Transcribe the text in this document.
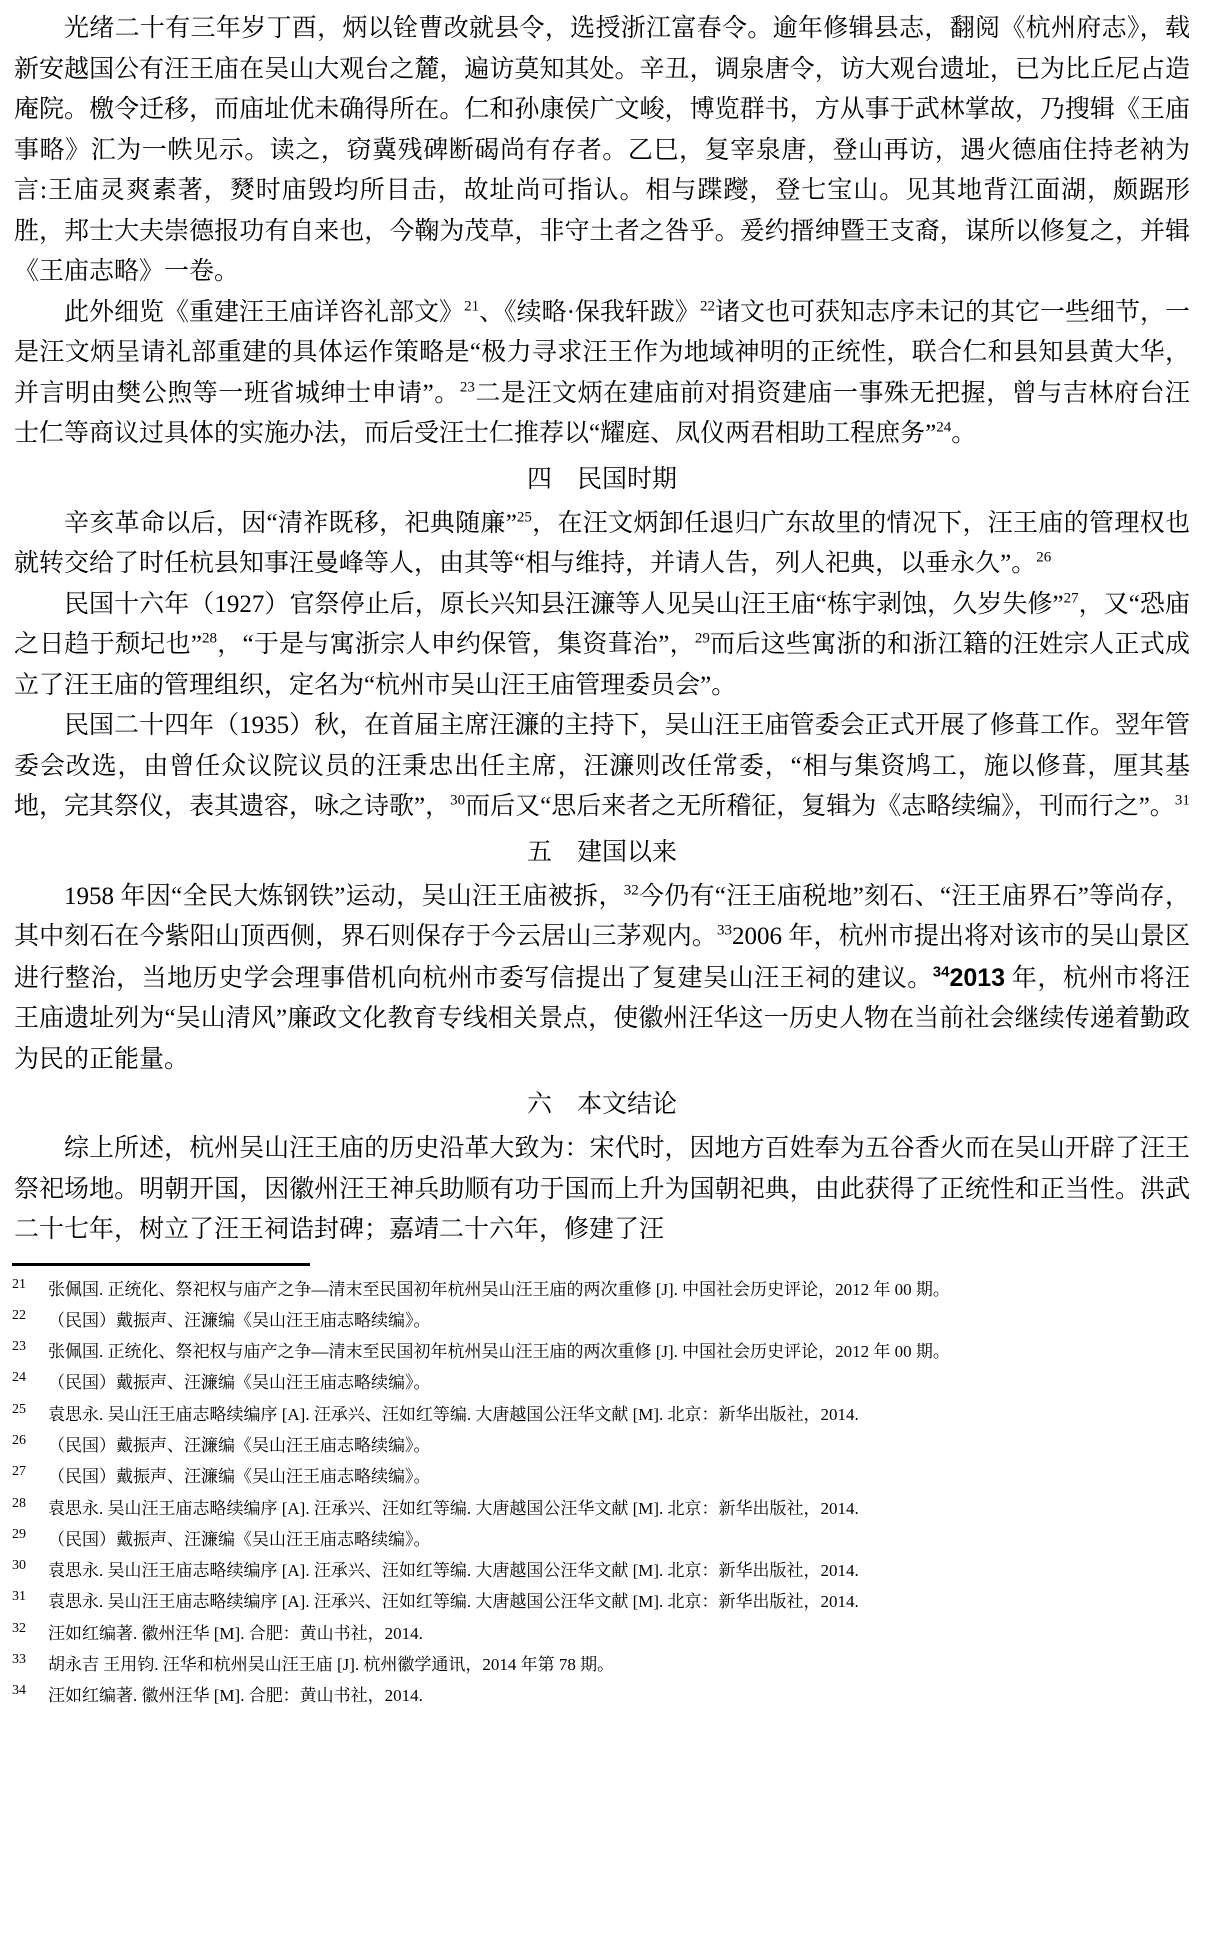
光绪二十有三年岁丁酉，炳以铨曹改就县令，选授浙江富春令。逾年修辑县志，翻阅《杭州府志》，载新安越国公有汪王庙在吴山大观台之麓，遍访莫知其处。辛丑，调泉唐令，访大观台遗址，已为比丘尼占造庵院。檄令迁移，而庙址优未确得所在。仁和孙康侯广文峻，博览群书，方从事于武林掌故，乃搜辑《王庙事略》汇为一帙见示。读之，窃冀残碑断碣尚有存者。乙巳，复宰泉唐，登山再访，遇火德庙住持老衲为言:王庙灵爽素著，燹时庙毁均所目击，故址尚可指认。相与蹀躞，登七宝山。见其地背江面湖，颇踞形胜，邦士大夫崇德报功有自来也，今鞠为茂草，非守土者之咎乎。爰约搢绅暨王支裔，谋所以修复之，并辑《王庙志略》一卷。

此外细览《重建汪王庙详咨礼部文》$^{21}$、《续略·保我轩跋》$^{22}$诸文也可获知志序未记的其它一些细节，一是汪文炳呈请礼部重建的具体运作策略是“极力寻求汪王作为地域神明的正统性，联合仁和县知县黄大华，并言明由樊公煦等一班省城绅士申请”。$^{23}$二是汪文炳在建庙前对捐资建庙一事殊无把握，曾与吉林府台汪士仁等商议过具体的实施办法，而后受汪士仁推荐以“耀庭、凤仪两君相助工程庶务”$^{24}$。

四　民国时期

辛亥革命以后，因“清祚既移，祀典随廉”$^{25}$，在汪文炳卸任退归广东故里的情况下，汪王庙的管理权也就转交给了时任杭县知事汪曼峰等人，由其等“相与维持，并请人告，列人祀典，以垂永久”。$^{26}$

民国十六年（1927）官祭停止后，原长兴知县汪濂等人见吴山汪王庙“栋宇剥蚀，久岁失修”$^{27}$，又“恐庙之日趋于颓圮也”$^{28}$，“于是与寓浙宗人申约保管，集资葺治”，$^{29}$而后这些寓浙的和浙江籍的汪姓宗人正式成立了汪王庙的管理组织，定名为“杭州市吴山汪王庙管理委员会”。

民国二十四年（1935）秋，在首届主席汪濂的主持下，吴山汪王庙管委会正式开展了修葺工作。翌年管委会改选，由曾任众议院议员的汪秉忠出任主席，汪濂则改任常委，“相与集资鸠工，施以修葺，厘其基地，完其祭仪，表其遗容，咏之诗歌”，$^{30}$而后又“思后来者之无所稽征，复辑为《志略续编》，刊而行之”。$^{31}$

五　建国以来

1958 年因“全民大炼钢铁”运动，吴山汪王庙被拆，$^{32}$今仍有“汪王庙税地”刻石、“汪王庙界石”等尚存，其中刻石在今紫阳山顶西侧，界石则保存于今云居山三茅观内。$^{33}$2006 年，杭州市提出将对该市的吴山景区进行整治，当地历史学会理事借机向杭州市委写信提出了复建吴山汪王祠的建议。$^{34}$2013 年，杭州市将汪王庙遗址列为“吴山清风”廉政文化教育专线相关景点，使徽州汪华这一历史人物在当前社会继续传递着勤政为民的正能量。

六　本文结论

综上所述，杭州吴山汪王庙的历史沿革大致为：宋代时，因地方百姓奉为五谷香火而在吴山开辟了汪王祭祀场地。明朝开国，因徽州汪王神兵助顺有功于国而上升为国朝祀典，由此获得了正统性和正当性。洪武二十七年，树立了汪王祠诰封碑；嘉靖二十六年，修建了汪

21 张佩国. 正统化、祭祀权与庙产之争—清末至民国初年杭州吴山汪王庙的两次重修 [J]. 中国社会历史评论，2012 年 00 期。
22 （民国）戴振声、汪濂编《吴山汪王庙志略续编》。
23 张佩国. 正统化、祭祀权与庙产之争—清末至民国初年杭州吴山汪王庙的两次重修 [J]. 中国社会历史评论，2012 年 00 期。
24 （民国）戴振声、汪濂编《吴山汪王庙志略续编》。
25 袁思永. 吴山汪王庙志略续编序 [A]. 汪承兴、汪如红等编. 大唐越国公汪华文献 [M]. 北京：新华出版社，2014.
26 （民国）戴振声、汪濂编《吴山汪王庙志略续编》。
27 （民国）戴振声、汪濂编《吴山汪王庙志略续编》。
28 袁思永. 吴山汪王庙志略续编序 [A]. 汪承兴、汪如红等编. 大唐越国公汪华文献 [M]. 北京：新华出版社，2014.
29 （民国）戴振声、汪濂编《吴山汪王庙志略续编》。
30 袁思永. 吴山汪王庙志略续编序 [A]. 汪承兴、汪如红等编. 大唐越国公汪华文献 [M]. 北京：新华出版社，2014.
31 袁思永. 吴山汪王庙志略续编序 [A]. 汪承兴、汪如红等编. 大唐越国公汪华文献 [M]. 北京：新华出版社，2014.
32 汪如红编著. 徽州汪华 [M]. 合肥：黄山书社，2014.
33 胡永吉 王用钧. 汪华和杭州吴山汪王庙 [J]. 杭州徽学通讯，2014 年第 78 期。
34 汪如红编著. 徽州汪华 [M]. 合肥：黄山书社，2014.
